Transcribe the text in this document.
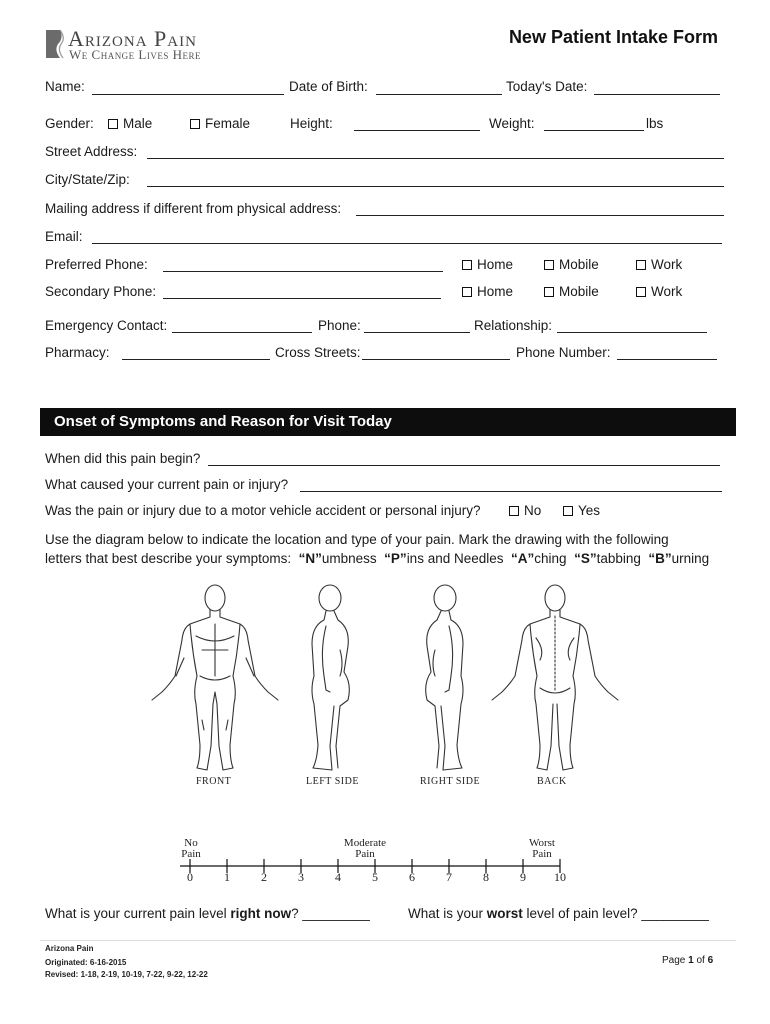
Arizona Pain
We Change Lives Here
New Patient Intake Form
Name:	Date of Birth:	Today's Date:
Gender:	Male	Female	Height:	Weight:	lbs
Street Address:
City/State/Zip:
Mailing address if different from physical address:
Email:
Preferred Phone:	Home	Mobile	Work
Secondary Phone:	Home	Mobile	Work
Emergency Contact:	Phone:	Relationship:
Pharmacy:	Cross Streets:	Phone Number:
Onset of Symptoms and Reason for Visit Today
When did this pain begin?
What caused your current pain or injury?
Was the pain or injury due to a motor vehicle accident or personal injury?	No	Yes
Use the diagram below to indicate the location and type of your pain. Mark the drawing with the following
letters that best describe your symptoms: “N”umbness “P”ins and Needles “A”ching “S”tabbing “B”urning
FRONT	LEFT SIDE	RIGHT SIDE	BACK
No
Pain
Moderate
Pain
Worst
Pain
0	1	2	3	4	5	6	7	8	9	10
What is your current pain level right now? _________	What is your worst level of pain level? _________
Arizona Pain
Originated: 6-16-2015
Revised: 1-18, 2-19, 10-19, 7-22, 9-22, 12-22
Page 1 of 6
